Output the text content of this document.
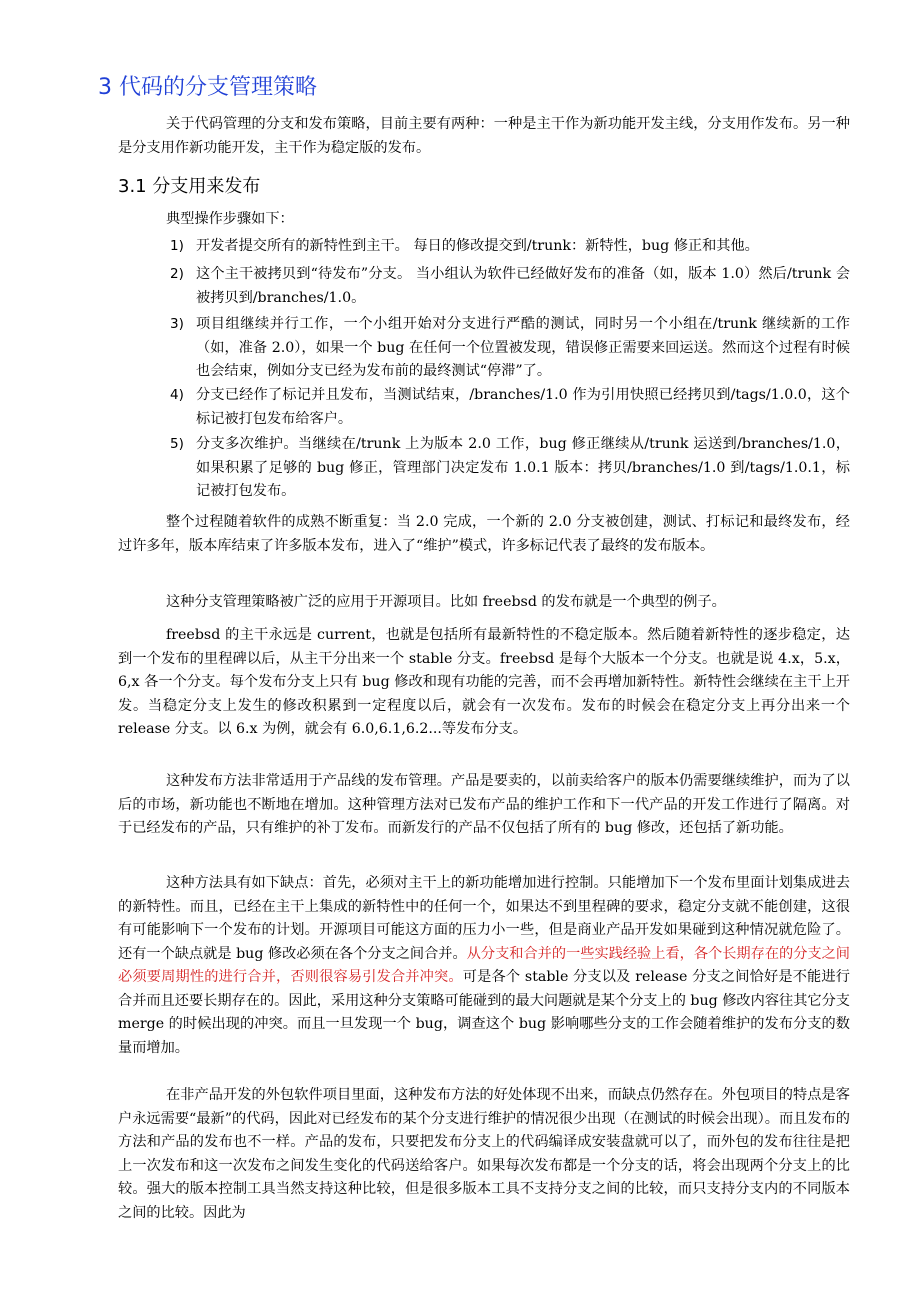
3 代码的分支管理策略

关于代码管理的分支和发布策略，目前主要有两种：一种是主干作为新功能开发主线，分支用作发布。另一种是分支用作新功能开发，主干作为稳定版的发布。

3.1 分支用来发布

典型操作步骤如下：

1) 开发者提交所有的新特性到主干。 每日的修改提交到/trunk：新特性，bug 修正和其他。
2) 这个主干被拷贝到“待发布”分支。 当小组认为软件已经做好发布的准备（如，版本 1.0）然后/trunk 会被拷贝到/branches/1.0。
3) 项目组继续并行工作，一个小组开始对分支进行严酷的测试，同时另一个小组在/trunk 继续新的工作（如，准备 2.0），如果一个 bug 在任何一个位置被发现，错误修正需要来回运送。然而这个过程有时候也会结束，例如分支已经为发布前的最终测试“停滞”了。
4) 分支已经作了标记并且发布，当测试结束，/branches/1.0 作为引用快照已经拷贝到/tags/1.0.0，这个标记被打包发布给客户。
5) 分支多次维护。当继续在/trunk 上为版本 2.0 工作，bug 修正继续从/trunk 运送到/branches/1.0，如果积累了足够的 bug 修正，管理部门决定发布 1.0.1 版本：拷贝/branches/1.0 到/tags/1.0.1，标记被打包发布。

整个过程随着软件的成熟不断重复：当 2.0 完成，一个新的 2.0 分支被创建，测试、打标记和最终发布，经过许多年，版本库结束了许多版本发布，进入了“维护”模式，许多标记代表了最终的发布版本。

这种分支管理策略被广泛的应用于开源项目。比如 freebsd 的发布就是一个典型的例子。

freebsd 的主干永远是 current，也就是包括所有最新特性的不稳定版本。然后随着新特性的逐步稳定，达到一个发布的里程碑以后，从主干分出来一个 stable 分支。freebsd 是每个大版本一个分支。也就是说 4.x，5.x，6,x 各一个分支。每个发布分支上只有 bug 修改和现有功能的完善，而不会再增加新特性。新特性会继续在主干上开发。当稳定分支上发生的修改积累到一定程度以后，就会有一次发布。发布的时候会在稳定分支上再分出来一个 release 分支。以 6.x 为例，就会有 6.0,6.1,6.2...等发布分支。

这种发布方法非常适用于产品线的发布管理。产品是要卖的，以前卖给客户的版本仍需要继续维护，而为了以后的市场，新功能也不断地在增加。这种管理方法对已发布产品的维护工作和下一代产品的开发工作进行了隔离。对于已经发布的产品，只有维护的补丁发布。而新发行的产品不仅包括了所有的 bug 修改，还包括了新功能。

这种方法具有如下缺点：首先，必须对主干上的新功能增加进行控制。只能增加下一个发布里面计划集成进去的新特性。而且，已经在主干上集成的新特性中的任何一个，如果达不到里程碑的要求，稳定分支就不能创建，这很有可能影响下一个发布的计划。开源项目可能这方面的压力小一些，但是商业产品开发如果碰到这种情况就危险了。还有一个缺点就是 bug 修改必须在各个分支之间合并。从分支和合并的一些实践经验上看，各个长期存在的分支之间必须要周期性的进行合并，否则很容易引发合并冲突。可是各个 stable 分支以及 release 分支之间恰好是不能进行合并而且还要长期存在的。因此，采用这种分支策略可能碰到的最大问题就是某个分支上的 bug 修改内容往其它分支 merge 的时候出现的冲突。而且一旦发现一个 bug，调查这个 bug 影响哪些分支的工作会随着维护的发布分支的数量而增加。

在非产品开发的外包软件项目里面，这种发布方法的好处体现不出来，而缺点仍然存在。外包项目的特点是客户永远需要“最新”的代码，因此对已经发布的某个分支进行维护的情况很少出现（在测试的时候会出现）。而且发布的方法和产品的发布也不一样。产品的发布，只要把发布分支上的代码编译成安装盘就可以了，而外包的发布往往是把上一次发布和这一次发布之间发生变化的代码送给客户。如果每次发布都是一个分支的话，将会出现两个分支上的比较。强大的版本控制工具当然支持这种比较，但是很多版本工具不支持分支之间的比较，而只支持分支内的不同版本之间的比较。因此为
